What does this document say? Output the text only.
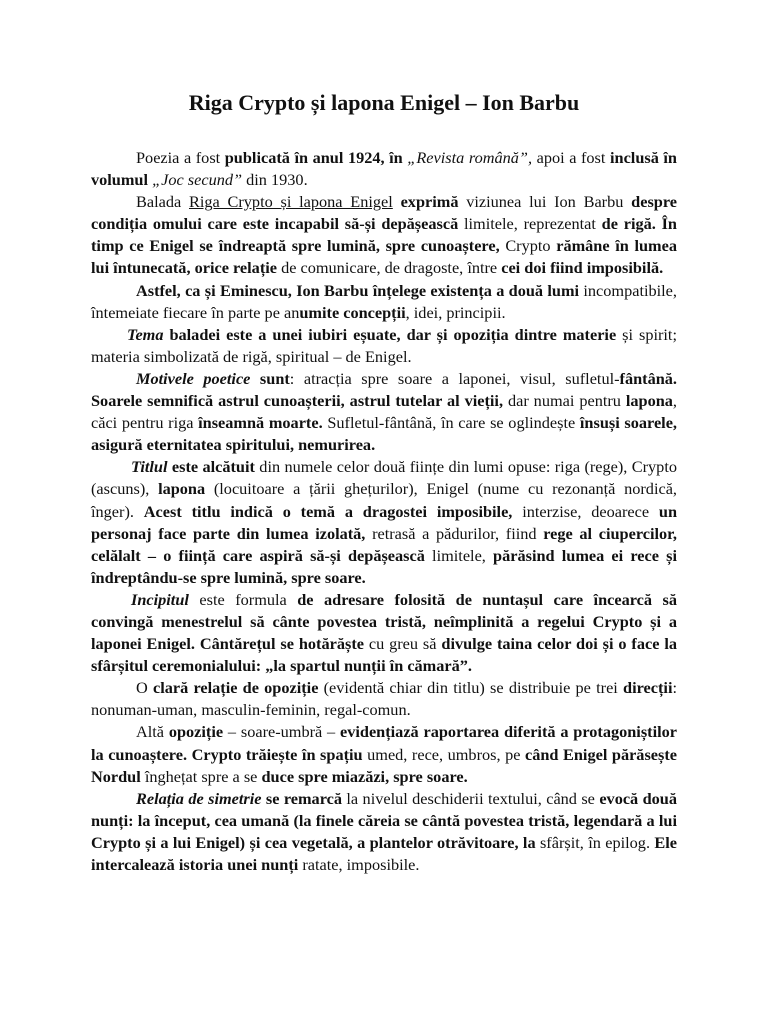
Riga Crypto și lapona Enigel – Ion Barbu

Poezia a fost publicată în anul 1924, în „Revista română”, apoi a fost inclusă în volumul „Joc secund” din 1930.

Balada Riga Crypto și lapona Enigel exprimă viziunea lui Ion Barbu despre condiția omului care este incapabil să-și depășească limitele, reprezentat de rigă. În timp ce Enigel se îndreaptă spre lumină, spre cunoaștere, Crypto rămâne în lumea lui întunecată, orice relație de comunicare, de dragoste, între cei doi fiind imposibilă.

Astfel, ca și Eminescu, Ion Barbu înțelege existența a două lumi incompatibile, întemeiate fiecare în parte pe anumite concepții, idei, principii.

Tema baladei este a unei iubiri eșuate, dar și opoziția dintre materie și spirit; materia simbolizată de rigă, spiritual – de Enigel.

Motivele poetice sunt: atracția spre soare a laponei, visul, sufletul-fântână. Soarele semnifică astrul cunoașterii, astrul tutelar al vieții, dar numai pentru lapona, căci pentru riga înseamnă moarte. Sufletul-fântână, în care se oglindește însuși soarele, asigură eternitatea spiritului, nemurirea.

Titlul este alcătuit din numele celor două ființe din lumi opuse: riga (rege), Crypto (ascuns), lapona (locuitoare a țării ghețurilor), Enigel (nume cu rezonanță nordică, înger). Acest titlu indică o temă a dragostei imposibile, interzise, deoarece un personaj face parte din lumea izolată, retrasă a pădurilor, fiind rege al ciupercilor, celălalt – o ființă care aspiră să-și depășească limitele, părăsind lumea ei rece și îndreptându-se spre lumină, spre soare.

Incipitul este formula de adresare folosită de nuntașul care încearcă să convingă menestrelul să cânte povestea tristă, neîmplinită a regelui Crypto și a laponei Enigel. Cântărețul se hotărăște cu greu să divulge taina celor doi și o face la sfârșitul ceremonialului: „la spartul nunții în cămară”.

O clară relație de opoziție (evidentă chiar din titlu) se distribuie pe trei direcții: nonuman-uman, masculin-feminin, regal-comun.

Altă opoziție – soare-umbră – evidențiază raportarea diferită a protagoniștilor la cunoaștere. Crypto trăiește în spațiu umed, rece, umbros, pe când Enigel părăsește Nordul înghețat spre a se duce spre miazăzi, spre soare.

Relația de simetrie se remarcă la nivelul deschiderii textului, când se evocă două nunți: la început, cea umană (la finele căreia se cântă povestea tristă, legendară a lui Crypto și a lui Enigel) și cea vegetală, a plantelor otrăvitoare, la sfârșit, în epilog. Ele intercalează istoria unei nunți ratate, imposibile.
